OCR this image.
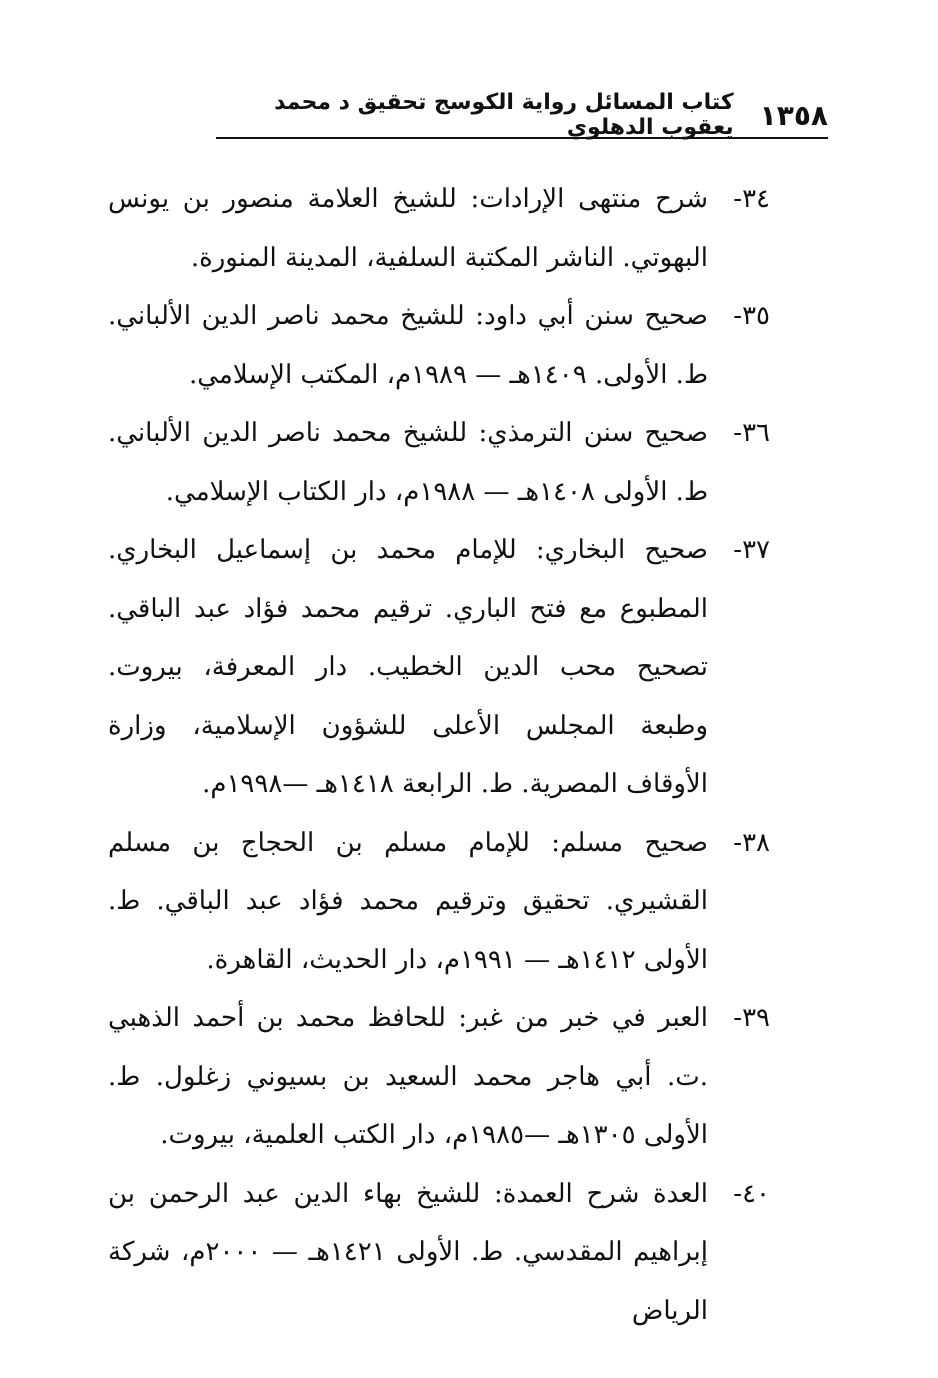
١٣٥٨
كتاب المسائل رواية الكوسج تحقيق د محمد يعقوب الدهلوي

٣٤-
شرح منتهى الإرادات: للشيخ العلامة منصور بن يونس البهوتي. الناشر المكتبة السلفية، المدينة المنورة.

٣٥-
صحيح سنن أبي داود: للشيخ محمد ناصر الدين الألباني. ط. الأولى. ١٤٠٩هـ — ١٩٨٩م، المكتب الإسلامي.

٣٦-
صحيح سنن الترمذي: للشيخ محمد ناصر الدين الألباني. ط. الأولى ١٤٠٨هـ — ١٩٨٨م، دار الكتاب الإسلامي.

٣٧-
صحيح البخاري: للإمام محمد بن إسماعيل البخاري. المطبوع مع فتح الباري. ترقيم محمد فؤاد عبد الباقي. تصحيح محب الدين الخطيب. دار المعرفة، بيروت. وطبعة المجلس الأعلى للشؤون الإسلامية، وزارة الأوقاف المصرية. ط. الرابعة ١٤١٨هـ —١٩٩٨م.

٣٨-
صحيح مسلم: للإمام مسلم بن الحجاج بن مسلم القشيري. تحقيق وترقيم محمد فؤاد عبد الباقي. ط. الأولى ١٤١٢هـ — ١٩٩١م، دار الحديث، القاهرة.

٣٩-
العبر في خبر من غبر: للحافظ محمد بن أحمد الذهبي .ت. أبي هاجر محمد السعيد بن بسيوني زغلول. ط. الأولى ١٣٠٥هـ —١٩٨٥م، دار الكتب العلمية، بيروت.

٤٠-
العدة شرح العمدة: للشيخ بهاء الدين عبد الرحمن بن إبراهيم المقدسي. ط. الأولى ١٤٢١هـ — ٢٠٠٠م، شركة الرياض
